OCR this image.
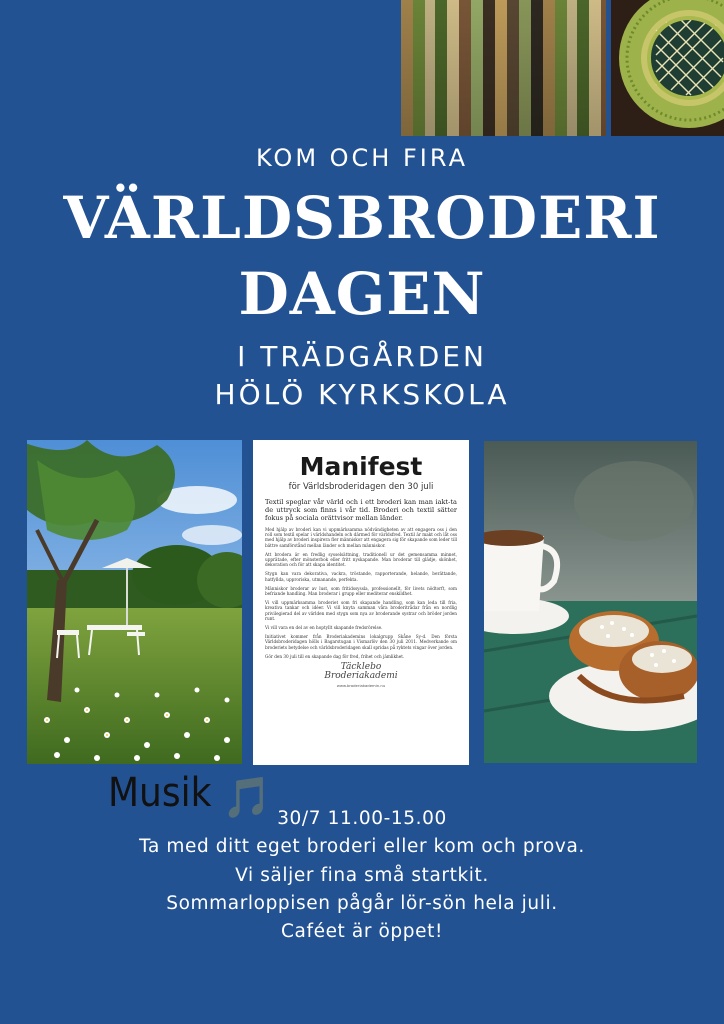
KOM OCH FIRA
VÄRLDSBRODERI
DAGEN
I TRÄDGÅRDEN
HÖLÖ KYRKSKOLA
Manifest
för Världsbroderidagen den 30 juli

Textil speglar vår värld och i ett broderi kan man iakt-ta de uttryck som finns i vår tid. Broderi och textil sätter fokus på sociala orättvisor mellan länder.

Med hjälp av broderi kan vi uppmärksamma nödvändigheten av att engagera oss i den roll som textil spelar i världshandeln och därmed för världsfred. Textil är makt och låt oss med hjälp av broderi inspirera fler människor att engagera sig för skapande som leder till bättre samförstånd mellan länder och mellan människor.

Att brodera är en fredlig sysselsättning, traditionell ur det gemensamma minnet, upprätade, efter mönsterbok eller fritt nyskapande. Man broderar till glädje, skönhet, dekoration och för att skapa identitet.

Stygn kan vara dekorativa, vackra, tröstande, rapporterande, helande, berättande, hatfyllda, upproriska, utmanande, perfekta.

Människor broderar av lust, som fritidssyssla, professionellt, för livets nödtorft, som befriande handling. Man broderar i grupp eller mediterar enskildhet.

Vi vill uppmärksamma broderiet som fri skapande handling, som kan leda till fria, kreativa tankar och idéer. Vi vill knyta samman våra broderitrådar från en nordlig privilegierad del av världen med stygn som nya av broderande systrar och bröder jorden runt.

Vi vill vara en del av en hoptyllt skapande fredsrörelse.

Initiativet kommer från Broderiakademins lokalgrupp Skåne Sy-d. Den första Världsbroderidagen hölls i Bagarstugan i Vismarlöv den 30 juli 2011. Medverkande om broderiets betydelse och världsbroderidagen skall spridas på ryktets vingar över jorden.

Gör den 30 juli till en skapande dag för fred, frihet och jämlikhet.

Täcklebo
Broderiakademi
www.broderiakademin.nu
Musik 🎵 30/7 11.00-15.00
Ta med ditt eget broderi eller kom och prova.
Vi säljer fina små startkit.
Sommarloppisen pågår lör-sön hela juli.
Caféet är öppet!
